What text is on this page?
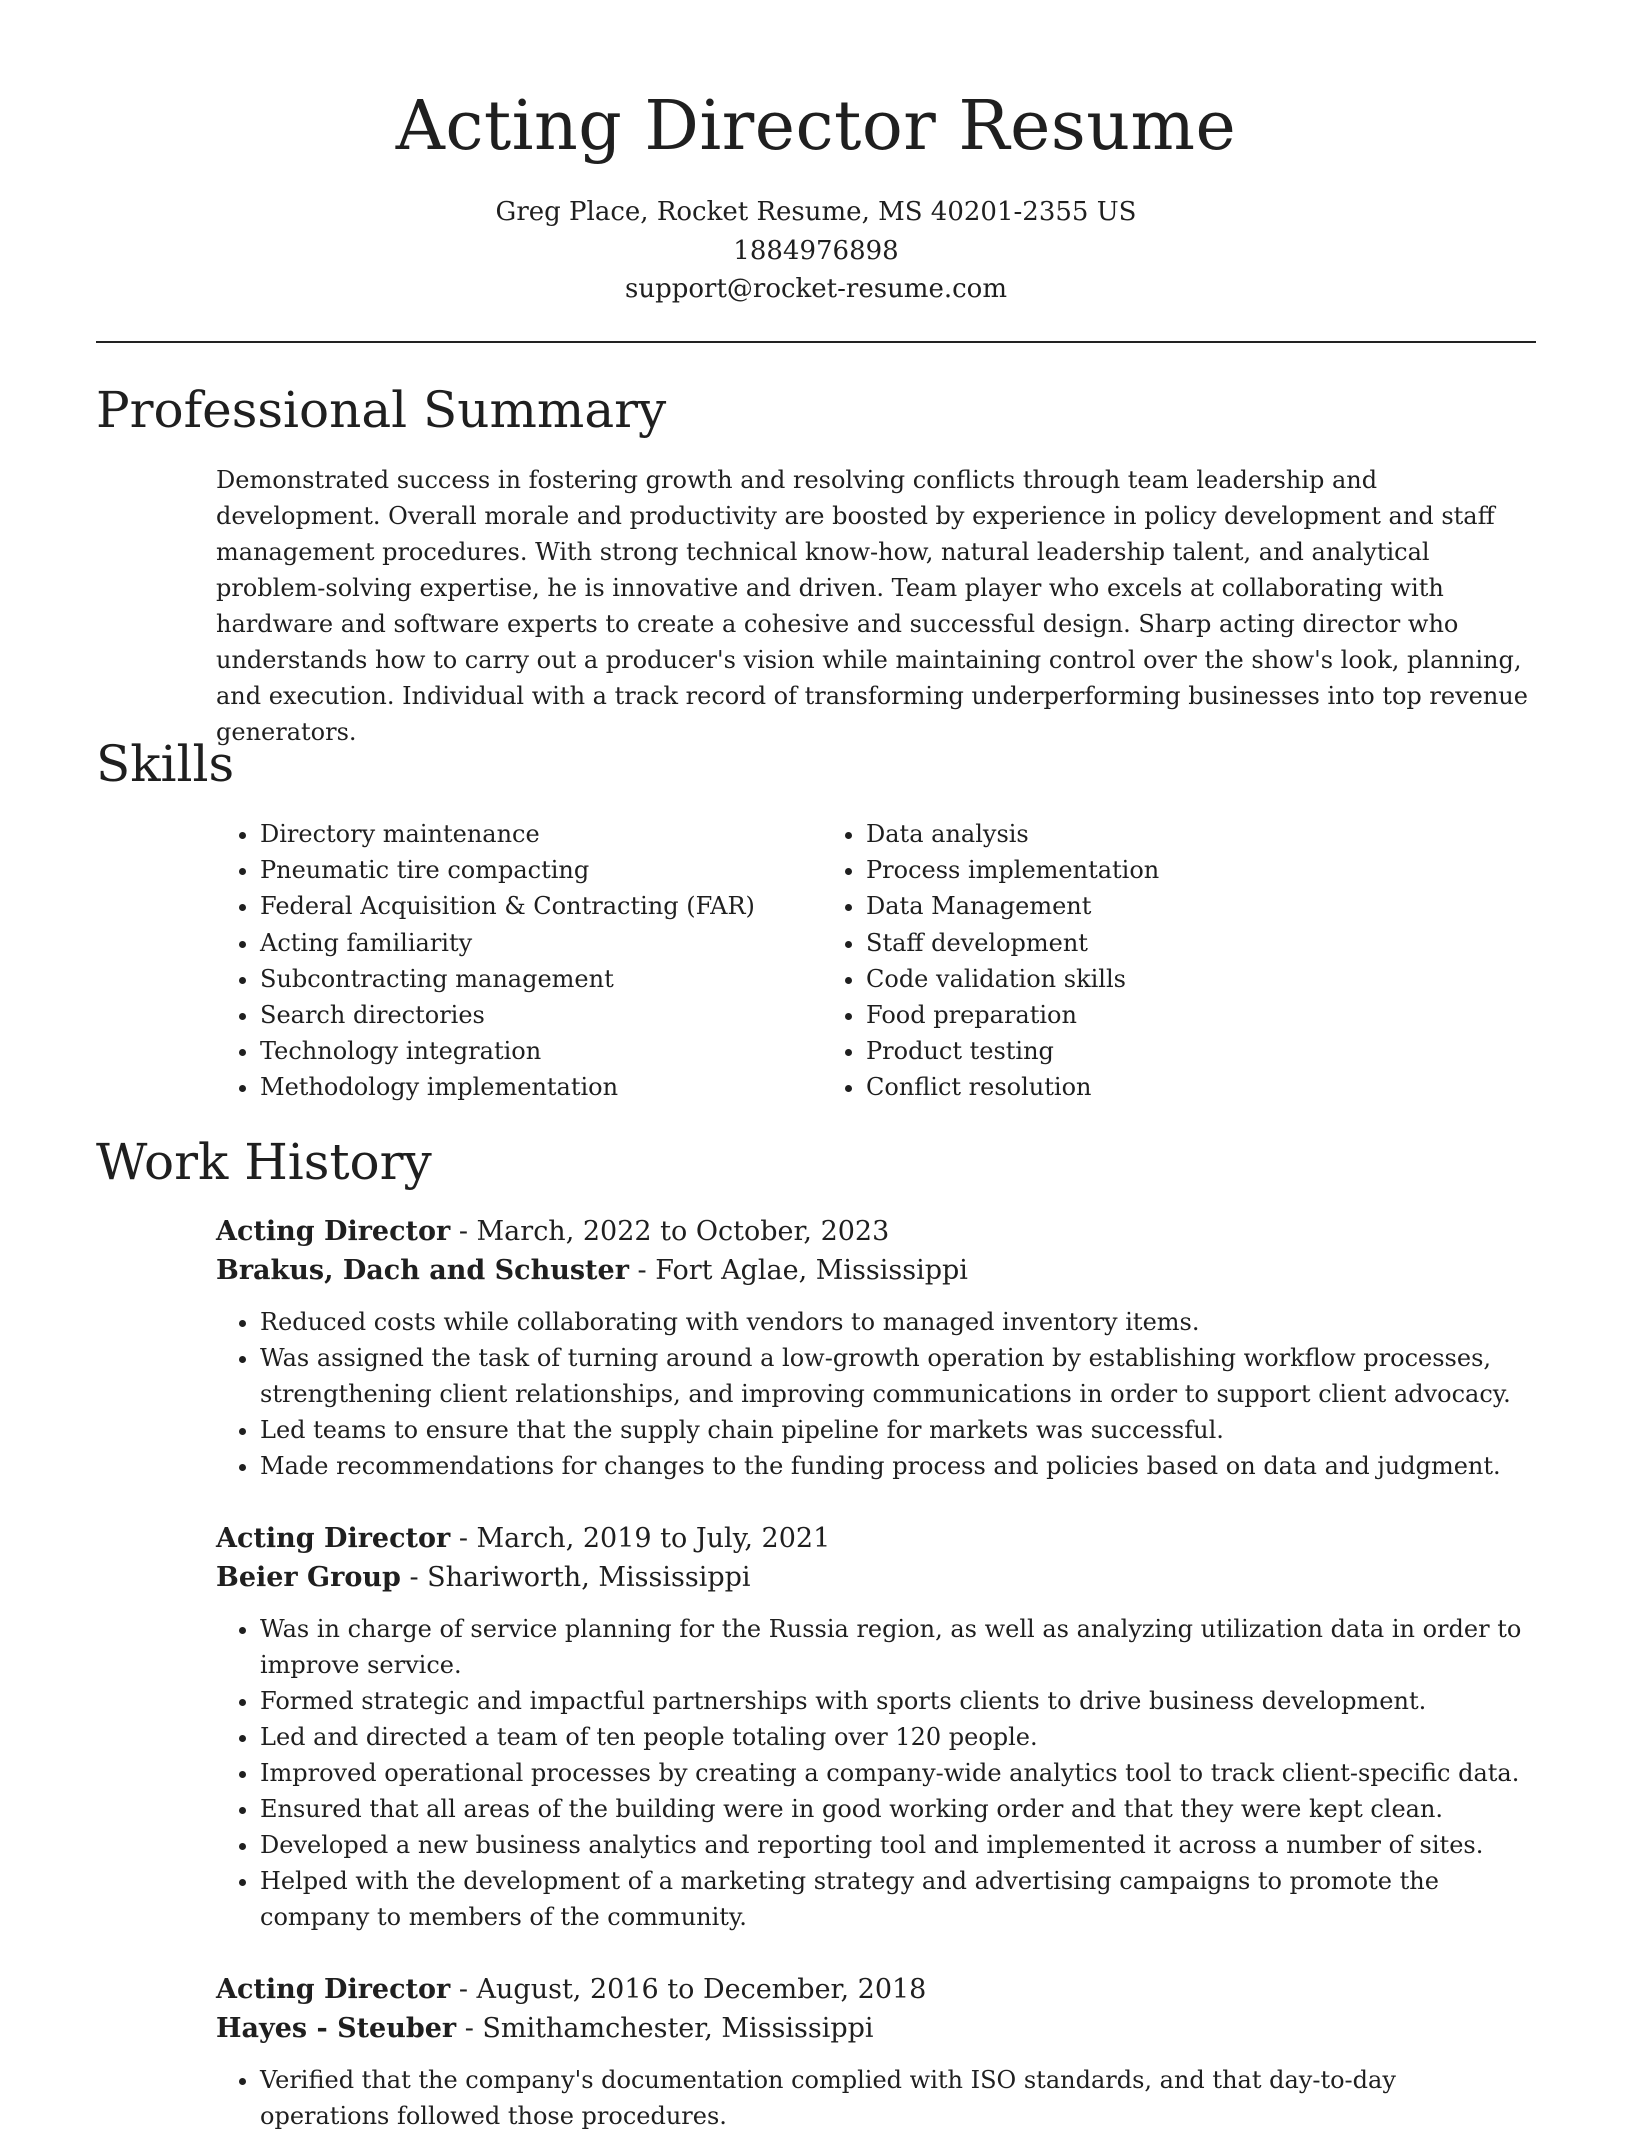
Acting Director Resume
Greg Place, Rocket Resume, MS 40201-2355 US
1884976898
support@rocket-resume.com
Professional Summary

Demonstrated success in fostering growth and resolving conflicts through team leadership and development. Overall morale and productivity are boosted by experience in policy development and staff management procedures. With strong technical know-how, natural leadership talent, and analytical problem-solving expertise, he is innovative and driven. Team player who excels at collaborating with hardware and software experts to create a cohesive and successful design. Sharp acting director who understands how to carry out a producer's vision while maintaining control over the show's look, planning, and execution. Individual with a track record of transforming underperforming businesses into top revenue generators.

Skills
• Directory maintenance
• Pneumatic tire compacting
• Federal Acquisition & Contracting (FAR)
• Acting familiarity
• Subcontracting management
• Search directories
• Technology integration
• Methodology implementation
• Data analysis
• Process implementation
• Data Management
• Staff development
• Code validation skills
• Food preparation
• Product testing
• Conflict resolution
Work History
Acting Director - March, 2022 to October, 2023
Brakus, Dach and Schuster - Fort Aglae, Mississippi
• Reduced costs while collaborating with vendors to managed inventory items.
• Was assigned the task of turning around a low-growth operation by establishing workflow processes, strengthening client relationships, and improving communications in order to support client advocacy.
• Led teams to ensure that the supply chain pipeline for markets was successful.
• Made recommendations for changes to the funding process and policies based on data and judgment.
Acting Director - March, 2019 to July, 2021
Beier Group - Shariworth, Mississippi
• Was in charge of service planning for the Russia region, as well as analyzing utilization data in order to improve service.
• Formed strategic and impactful partnerships with sports clients to drive business development.
• Led and directed a team of ten people totaling over 120 people.
• Improved operational processes by creating a company-wide analytics tool to track client-specific data.
• Ensured that all areas of the building were in good working order and that they were kept clean.
• Developed a new business analytics and reporting tool and implemented it across a number of sites.
• Helped with the development of a marketing strategy and advertising campaigns to promote the company to members of the community.
Acting Director - August, 2016 to December, 2018
Hayes - Steuber - Smithamchester, Mississippi
• Verified that the company's documentation complied with ISO standards, and that day-to-day operations followed those procedures.
